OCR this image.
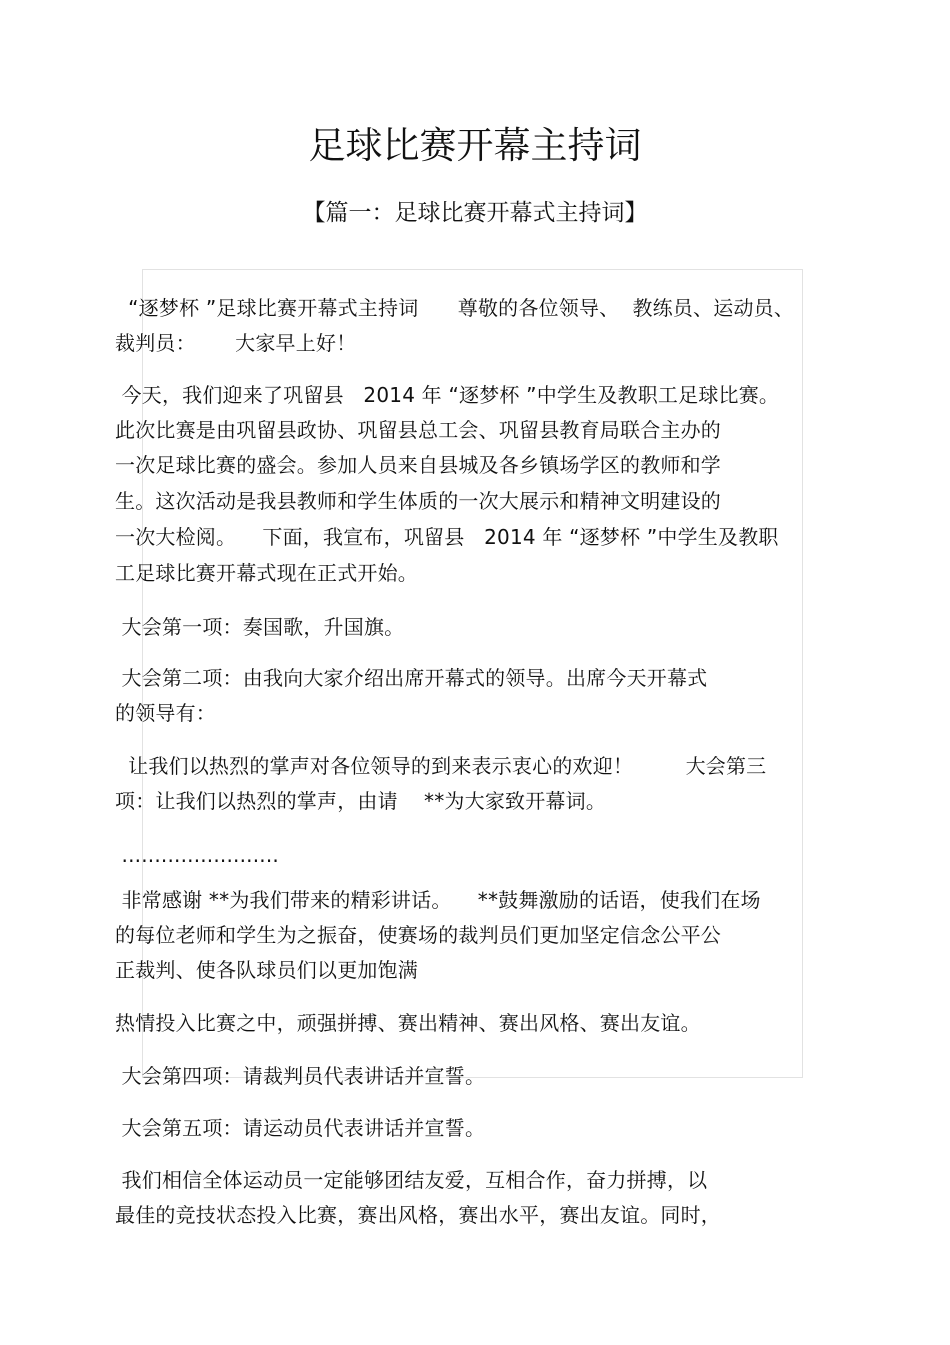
足球比赛开幕主持词
【篇一：足球比赛开幕式主持词】

“逐梦杯 ”足球比赛开幕式主持词      尊敬的各位领导、  教练员、运动员、

裁判员：      大家早上好！

今天，我们迎来了巩留县   2014 年 “逐梦杯 ”中学生及教职工足球比赛。

此次比赛是由巩留县政协、巩留县总工会、巩留县教育局联合主办的

一次足球比赛的盛会。参加人员来自县城及各乡镇场学区的教师和学

生。这次活动是我县教师和学生体质的一次大展示和精神文明建设的

一次大检阅。    下面，我宣布，巩留县   2014 年 “逐梦杯 ”中学生及教职

工足球比赛开幕式现在正式开始。

大会第一项：奏国歌，升国旗。

大会第二项：由我向大家介绍出席开幕式的领导。出席今天开幕式

的领导有：

让我们以热烈的掌声对各位领导的到来表示衷心的欢迎！        大会第三

项：让我们以热烈的掌声，由请    **为大家致开幕词。

........................

非常感谢 **为我们带来的精彩讲话。    **鼓舞激励的话语，使我们在场

的每位老师和学生为之振奋，使赛场的裁判员们更加坚定信念公平公

正裁判、使各队球员们以更加饱满

热情投入比赛之中，顽强拼搏、赛出精神、赛出风格、赛出友谊。

大会第四项：请裁判员代表讲话并宣誓。

大会第五项：请运动员代表讲话并宣誓。

我们相信全体运动员一定能够团结友爱，互相合作，奋力拼搏，以

最佳的竞技状态投入比赛，赛出风格，赛出水平，赛出友谊。同时，
